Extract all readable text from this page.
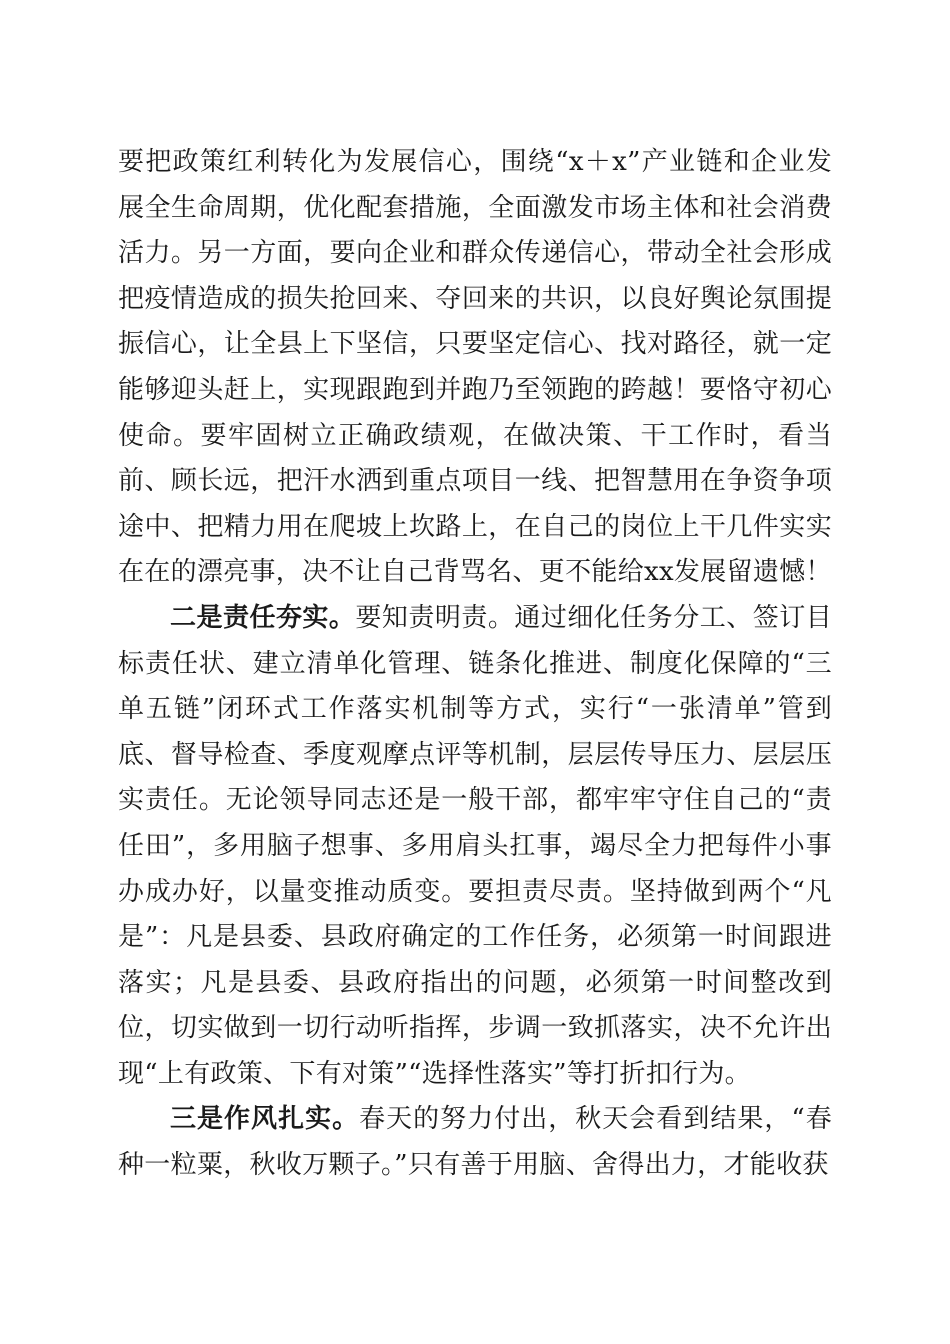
要把政策红利转化为发展信心，围绕“x＋x”产业链和企业发展全生命周期，优化配套措施，全面激发市场主体和社会消费活力。另一方面，要向企业和群众传递信心，带动全社会形成把疫情造成的损失抢回来、夺回来的共识，以良好舆论氛围提振信心，让全县上下坚信，只要坚定信心、找对路径，就一定能够迎头赶上，实现跟跑到并跑乃至领跑的跨越！要恪守初心使命。要牢固树立正确政绩观，在做决策、干工作时，看当前、顾长远，把汗水洒到重点项目一线、把智慧用在争资争项途中、把精力用在爬坡上坎路上，在自己的岗位上干几件实实在在的漂亮事，决不让自己背骂名、更不能给xx发展留遗憾！

二是责任夯实。要知责明责。通过细化任务分工、签订目标责任状、建立清单化管理、链条化推进、制度化保障的“三单五链”闭环式工作落实机制等方式，实行“一张清单”管到底、督导检查、季度观摩点评等机制，层层传导压力、层层压实责任。无论领导同志还是一般干部，都牢牢守住自己的“责任田”，多用脑子想事、多用肩头扛事，竭尽全力把每件小事办成办好，以量变推动质变。要担责尽责。坚持做到两个“凡是”：凡是县委、县政府确定的工作任务，必须第一时间跟进落实；凡是县委、县政府指出的问题，必须第一时间整改到位，切实做到一切行动听指挥，步调一致抓落实，决不允许出现“上有政策、下有对策”“选择性落实”等打折扣行为。

三是作风扎实。春天的努力付出，秋天会看到结果，“春种一粒粟，秋收万颗子。”只有善于用脑、舍得出力，才能收获
